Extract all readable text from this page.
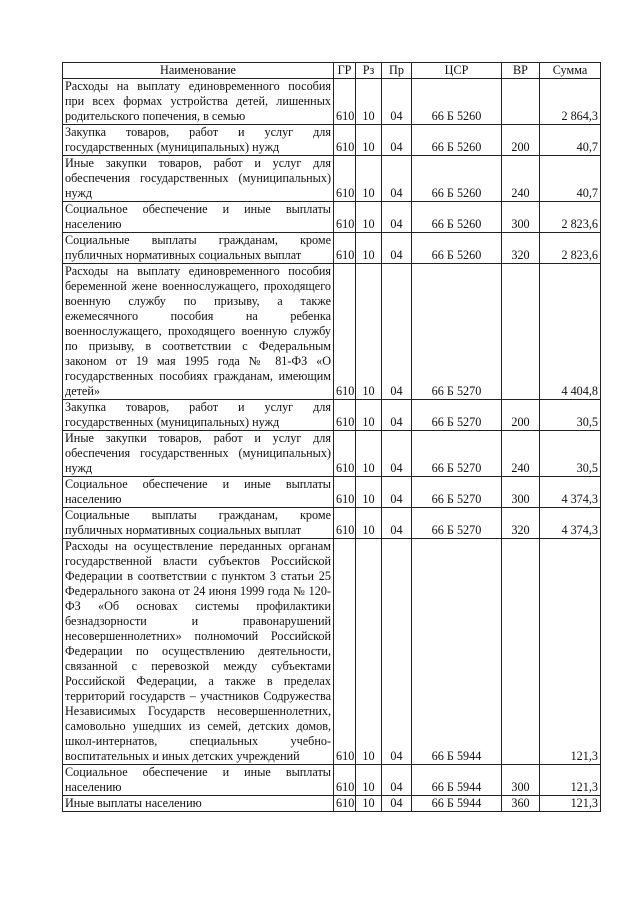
Наименование	ГР	Рз	Пр	ЦСР	ВР	Сумма
Расходы на выплату единовременного пособия при всех формах устройства детей, лишенных родительского попечения, в семью	610	10	04	66 Б 5260		2 864,3
Закупка товаров, работ и услуг для государственных (муниципальных) нужд	610	10	04	66 Б 5260	200	40,7
Иные закупки товаров, работ и услуг для обеспечения государственных (муниципальных) нужд	610	10	04	66 Б 5260	240	40,7
Социальное обеспечение и иные выплаты населению	610	10	04	66 Б 5260	300	2 823,6
Социальные выплаты гражданам, кроме публичных нормативных социальных выплат	610	10	04	66 Б 5260	320	2 823,6
Расходы на выплату единовременного пособия беременной жене военнослужащего, проходящего военную службу по призыву, а также ежемесячного пособия на ребенка военнослужащего, проходящего военную службу по призыву, в соответствии с Федеральным законом от 19 мая 1995 года № 81-ФЗ «О государственных пособиях гражданам, имеющим детей»	610	10	04	66 Б 5270		4 404,8
Закупка товаров, работ и услуг для государственных (муниципальных) нужд	610	10	04	66 Б 5270	200	30,5
Иные закупки товаров, работ и услуг для обеспечения государственных (муниципальных) нужд	610	10	04	66 Б 5270	240	30,5
Социальное обеспечение и иные выплаты населению	610	10	04	66 Б 5270	300	4 374,3
Социальные выплаты гражданам, кроме публичных нормативных социальных выплат	610	10	04	66 Б 5270	320	4 374,3
Расходы на осуществление переданных органам государственной власти субъектов Российской Федерации в соответствии с пунктом 3 статьи 25 Федерального закона от 24 июня 1999 года № 120-ФЗ «Об основах системы профилактики безнадзорности и правонарушений несовершеннолетних» полномочий Российской Федерации по осуществлению деятельности, связанной с перевозкой между субъектами Российской Федерации, а также в пределах территорий государств – участников Содружества Независимых Государств несовершеннолетних, самовольно ушедших из семей, детских домов, школ-интернатов, специальных учебно-воспитательных и иных детских учреждений	610	10	04	66 Б 5944		121,3
Социальное обеспечение и иные выплаты населению	610	10	04	66 Б 5944	300	121,3
Иные выплаты населению	610	10	04	66 Б 5944	360	121,3
